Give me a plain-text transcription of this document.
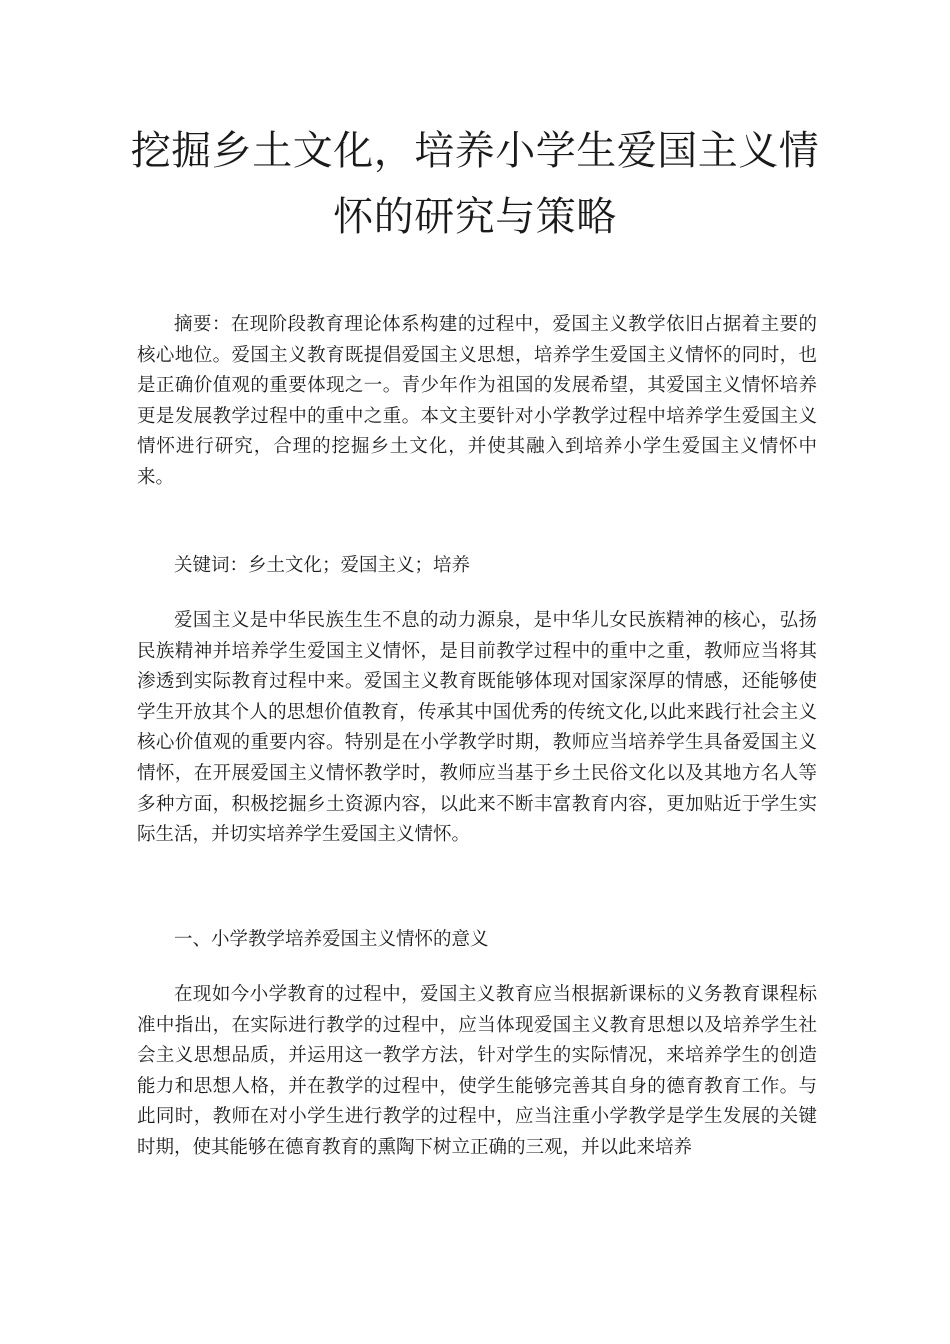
挖掘乡土文化，培养小学生爱国主义情
怀的研究与策略

摘要：在现阶段教育理论体系构建的过程中，爱国主义教学依旧占据着主要的核心地位。爱国主义教育既提倡爱国主义思想，培养学生爱国主义情怀的同时，也是正确价值观的重要体现之一。青少年作为祖国的发展希望，其爱国主义情怀培养更是发展教学过程中的重中之重。本文主要针对小学教学过程中培养学生爱国主义情怀进行研究，合理的挖掘乡土文化，并使其融入到培养小学生爱国主义情怀中来。

关键词：乡土文化；爱国主义；培养

爱国主义是中华民族生生不息的动力源泉，是中华儿女民族精神的核心，弘扬民族精神并培养学生爱国主义情怀，是目前教学过程中的重中之重，教师应当将其渗透到实际教育过程中来。爱国主义教育既能够体现对国家深厚的情感，还能够使学生开放其个人的思想价值教育，传承其中国优秀的传统文化,以此来践行社会主义核心价值观的重要内容。特别是在小学教学时期，教师应当培养学生具备爱国主义情怀，在开展爱国主义情怀教学时，教师应当基于乡土民俗文化以及其地方名人等多种方面，积极挖掘乡土资源内容，以此来不断丰富教育内容，更加贴近于学生实际生活，并切实培养学生爱国主义情怀。

一、小学教学培养爱国主义情怀的意义

在现如今小学教育的过程中，爱国主义教育应当根据新课标的义务教育课程标准中指出，在实际进行教学的过程中，应当体现爱国主义教育思想以及培养学生社会主义思想品质，并运用这一教学方法，针对学生的实际情况，来培养学生的创造能力和思想人格，并在教学的过程中，使学生能够完善其自身的德育教育工作。与此同时，教师在对小学生进行教学的过程中，应当注重小学教学是学生发展的关键时期，使其能够在德育教育的熏陶下树立正确的三观，并以此来培养
